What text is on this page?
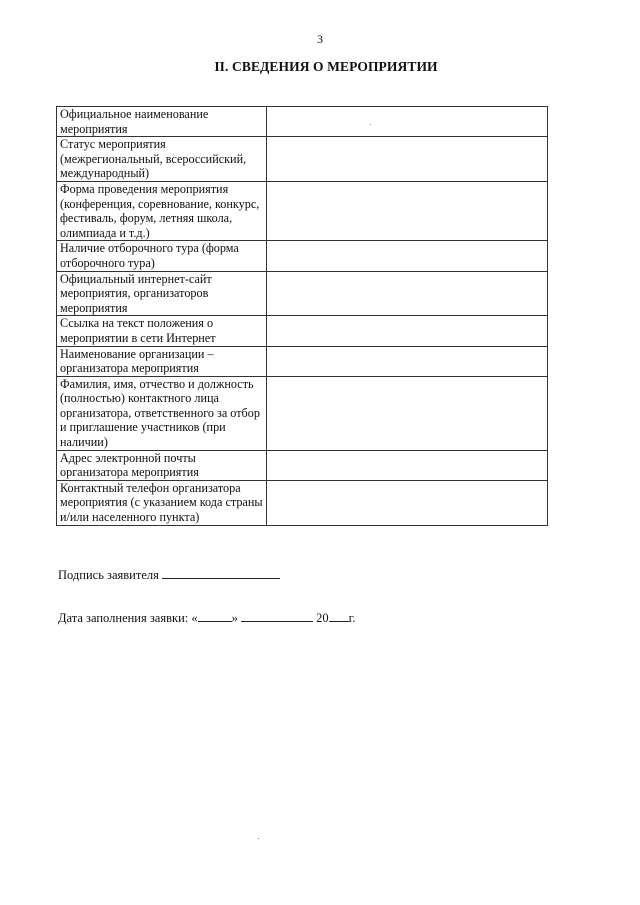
3
II. СВЕДЕНИЯ О МЕРОПРИЯТИИ
Официальное наименование мероприятия	
Статус мероприятия (межрегиональный, всероссийский, международный)	
Форма проведения мероприятия (конференция, соревнование, конкурс, фестиваль, форум, летняя школа, олимпиада и т.д.)	
Наличие отборочного тура (форма отборочного тура)	
Официальный интернет-сайт мероприятия, организаторов мероприятия	
Ссылка на текст положения о мероприятии в сети Интернет	
Наименование организации – организатора мероприятия	
Фамилия, имя, отчество и должность (полностью) контактного лица организатора, ответственного за отбор и приглашение участников (при наличии)	
Адрес электронной почты организатора мероприятия	
Контактный телефон организатора мероприятия (с указанием кода страны и/или населенного пункта)	
Подпись заявителя
Дата заполнения заявки: «	»	20 г.
